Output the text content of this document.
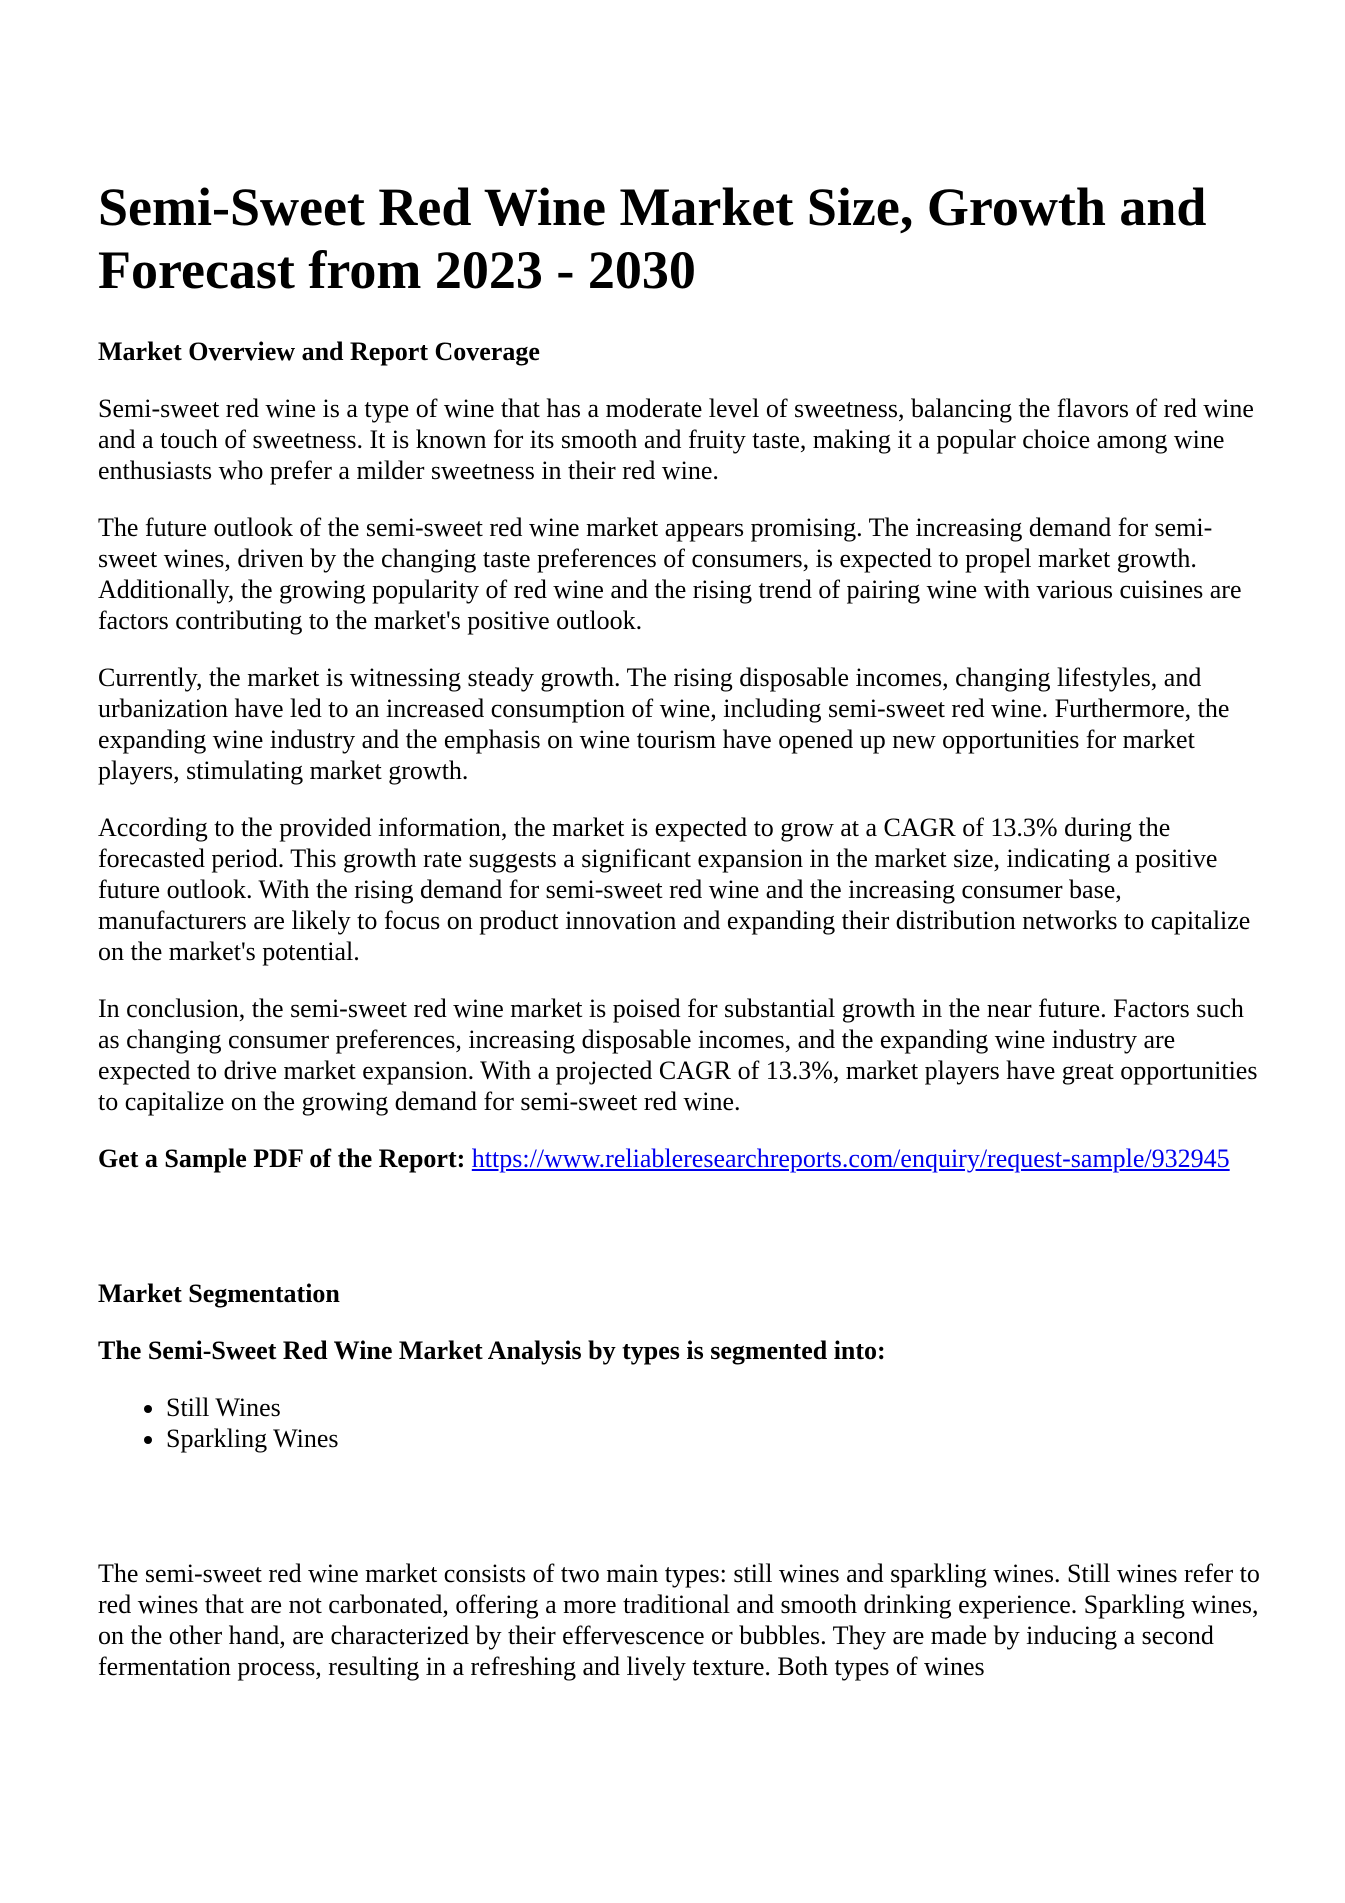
Semi-Sweet Red Wine Market Size, Growth and Forecast from 2023 - 2030
Market Overview and Report Coverage

Semi-sweet red wine is a type of wine that has a moderate level of sweetness, balancing the flavors of red wine and a touch of sweetness. It is known for its smooth and fruity taste, making it a popular choice among wine enthusiasts who prefer a milder sweetness in their red wine.

The future outlook of the semi-sweet red wine market appears promising. The increasing demand for semi-sweet wines, driven by the changing taste preferences of consumers, is expected to propel market growth. Additionally, the growing popularity of red wine and the rising trend of pairing wine with various cuisines are factors contributing to the market's positive outlook.

Currently, the market is witnessing steady growth. The rising disposable incomes, changing lifestyles, and urbanization have led to an increased consumption of wine, including semi-sweet red wine. Furthermore, the expanding wine industry and the emphasis on wine tourism have opened up new opportunities for market players, stimulating market growth.

According to the provided information, the market is expected to grow at a CAGR of 13.3% during the forecasted period. This growth rate suggests a significant expansion in the market size, indicating a positive future outlook. With the rising demand for semi-sweet red wine and the increasing consumer base, manufacturers are likely to focus on product innovation and expanding their distribution networks to capitalize on the market's potential.

In conclusion, the semi-sweet red wine market is poised for substantial growth in the near future. Factors such as changing consumer preferences, increasing disposable incomes, and the expanding wine industry are expected to drive market expansion. With a projected CAGR of 13.3%, market players have great opportunities to capitalize on the growing demand for semi-sweet red wine.

Get a Sample PDF of the Report: https://www.reliableresearchreports.com/enquiry/request-sample/932945

Market Segmentation
The Semi-Sweet Red Wine Market Analysis by types is segmented into:
• Still Wines
• Sparkling Wines

The semi-sweet red wine market consists of two main types: still wines and sparkling wines. Still wines refer to red wines that are not carbonated, offering a more traditional and smooth drinking experience. Sparkling wines, on the other hand, are characterized by their effervescence or bubbles. They are made by inducing a second fermentation process, resulting in a refreshing and lively texture. Both types of wines
